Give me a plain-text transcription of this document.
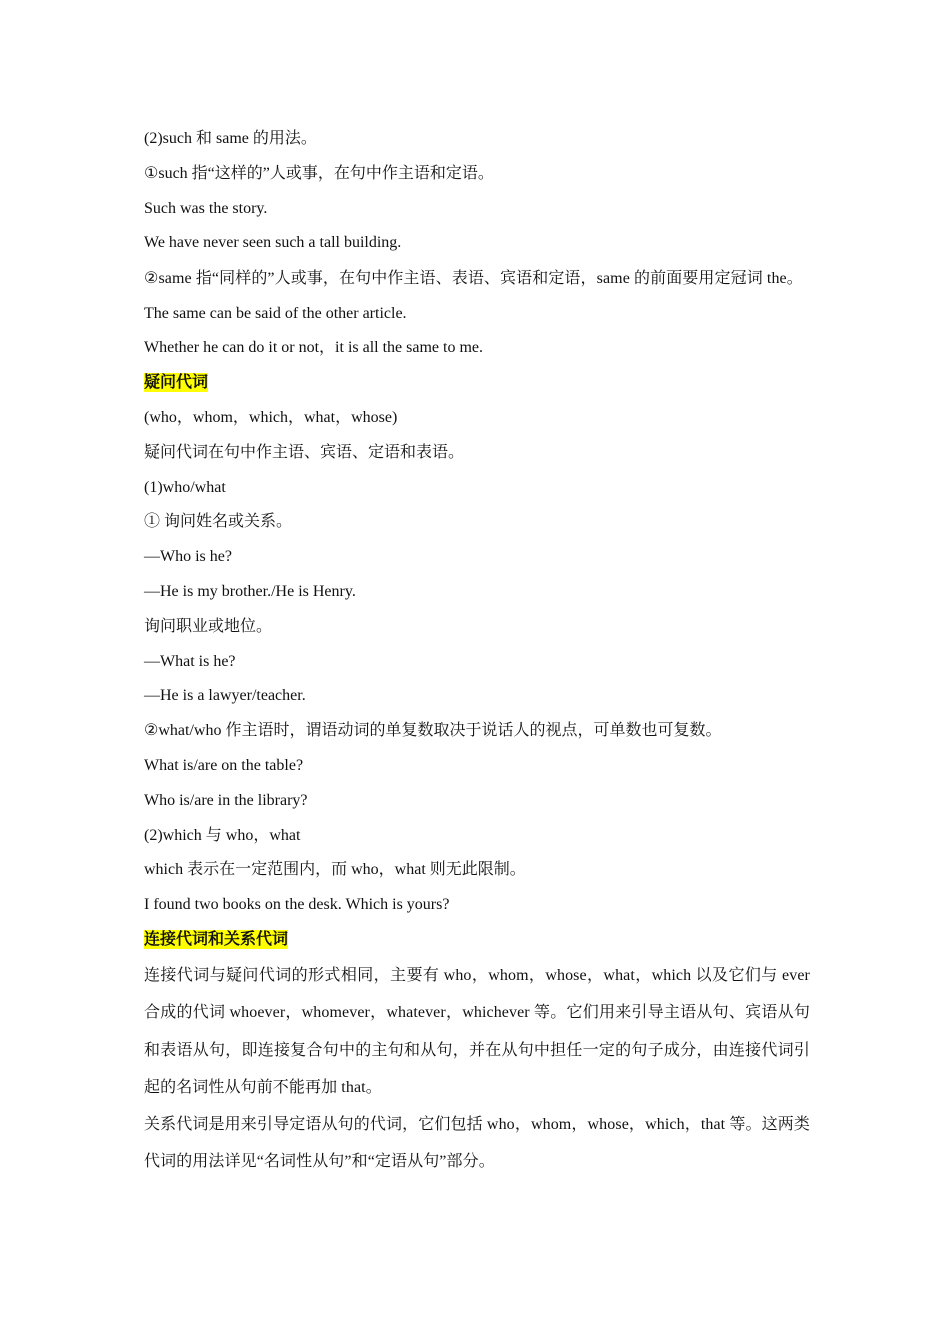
(2)such 和 same 的用法。
①such 指“这样的”人或事，在句中作主语和定语。
Such was the story.
We have never seen such a tall building.
②same 指“同样的”人或事，在句中作主语、表语、宾语和定语，same 的前面要用定冠词 the。
The same can be said of the other article.
Whether he can do it or not，it is all the same to me.
疑问代词
(who，whom，which，what，whose)
疑问代词在句中作主语、宾语、定语和表语。
(1)who/what
① 询问姓名或关系。
—Who is he?
—He is my brother./He is Henry.
询问职业或地位。
—What is he?
—He is a lawyer/teacher.
②what/who 作主语时，谓语动词的单复数取决于说话人的视点，可单数也可复数。
What is/are on the table?
Who is/are in the library?
(2)which 与 who，what
which 表示在一定范围内，而 who，what 则无此限制。
I found two books on the desk. Which is yours?
连接代词和关系代词
连接代词与疑问代词的形式相同，主要有 who，whom，whose，what，which 以及它们与 ever 合成的代词 whoever，whomever，whatever，whichever 等。它们用来引导主语从句、宾语从句和表语从句，即连接复合句中的主句和从句，并在从句中担任一定的句子成分，由连接代词引起的名词性从句前不能再加 that。
关系代词是用来引导定语从句的代词，它们包括 who，whom，whose，which，that 等。这两类代词的用法详见“名词性从句”和“定语从句”部分。
